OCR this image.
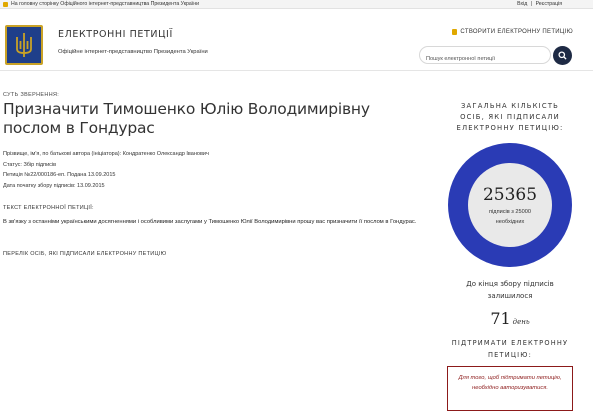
На головну сторінку Офіційного інтернет-представництва Президента України	Вхід | Реєстрація
ЕЛЕКТРОННІ ПЕТИЦІЇ
Офіційне інтернет-представництво Президента України
СТВОРИТИ ЕЛЕКТРОННУ ПЕТИЦІЮ
Пошук електронної петиції
СУТЬ ЗВЕРНЕННЯ:
Призначити Тимошенко Юлію Володимирівну послом в Гондурас
Прізвище, ім'я, по батькові автора (ініціатора): Кондратенко Олександр Іванович
Статус: Збір підписів
Петиція №22/000186-еп. Подана 13.09.2015
Дата початку збору підписів: 13.09.2015
ТЕКСТ ЕЛЕКТРОННОЇ ПЕТИЦІЇ:
В зв'язку з останніми українськими досягненнями і особливими заслугами у Тимошенко Юлії Володимирівни прошу вас призначити її послом в Гондурас.
ПЕРЕЛІК ОСІБ, ЯКІ ПІДПИСАЛИ ЕЛЕКТРОННУ ПЕТИЦІЮ
ЗАГАЛЬНА КІЛЬКІСТЬ ОСІБ, ЯКІ ПІДПИСАЛИ ЕЛЕКТРОННУ ПЕТИЦІЮ:
25365
підписів з 25000
необхідних
До кінця збору підписів залишилося
71 день
ПІДТРИМАТИ ЕЛЕКТРОННУ ПЕТИЦІЮ:
Для того, щоб підтримати петицію, необхідно авторизуватися.
